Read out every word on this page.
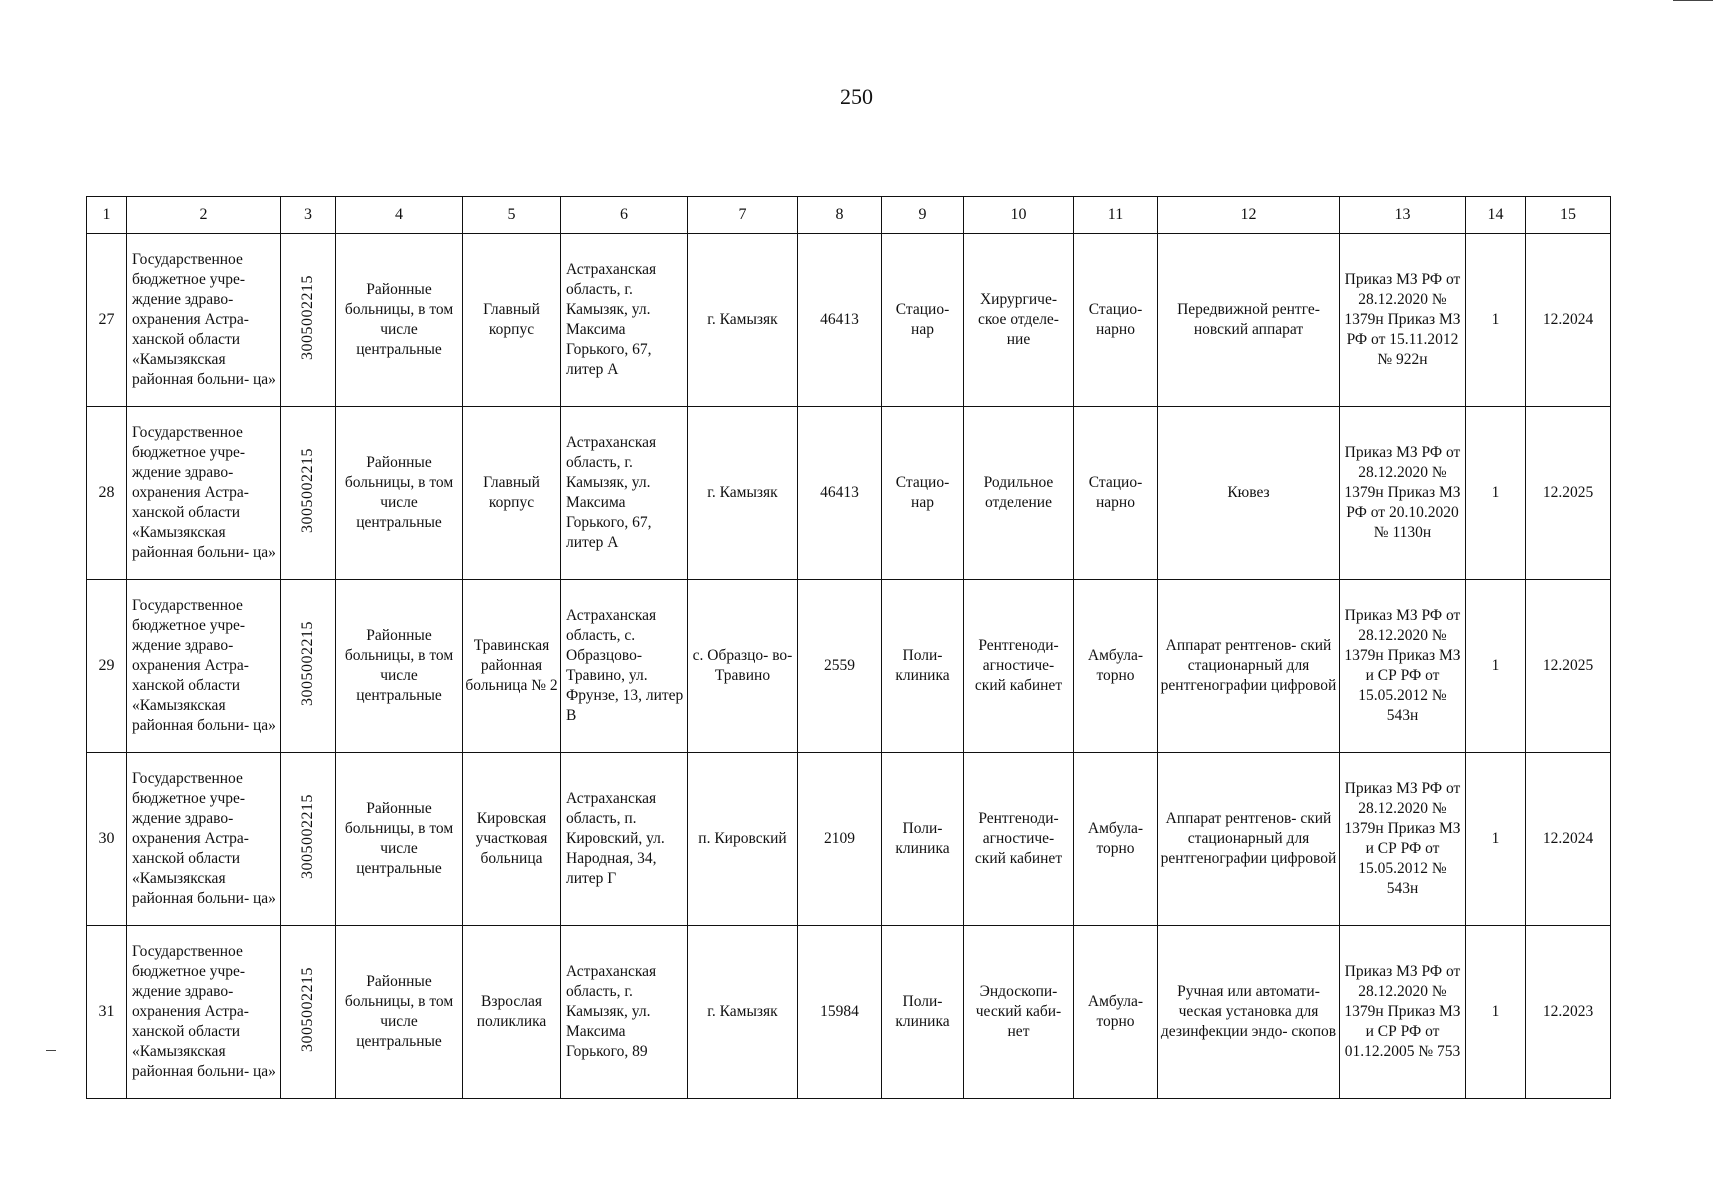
250
1	2	3	4	5	6	7	8	9	10	11	12	13	14	15
27	Государственное бюджетное учре- ждение здраво- охранения Астра- ханской области «Камызякская районная больни- ца»	3005002215	Районные больницы, в том числе центральные	Главный корпус	Астраханская область, г. Камызяк, ул. Максима Горького, 67, литер А	г. Камызяк	46413	Стацио- нар	Хирургиче- ское отделе- ние	Стацио- нарно	Передвижной рентге- новский аппарат	Приказ МЗ РФ от 28.12.2020 № 1379н Приказ МЗ РФ от 15.11.2012 № 922н	1	12.2024
28	Государственное бюджетное учре- ждение здраво- охранения Астра- ханской области «Камызякская районная больни- ца»	3005002215	Районные больницы, в том числе центральные	Главный корпус	Астраханская область, г. Камызяк, ул. Максима Горького, 67, литер А	г. Камызяк	46413	Стацио- нар	Родильное отделение	Стацио- нарно	Кювез	Приказ МЗ РФ от 28.12.2020 № 1379н Приказ МЗ РФ от 20.10.2020 № 1130н	1	12.2025
29	Государственное бюджетное учре- ждение здраво- охранения Астра- ханской области «Камызякская районная больни- ца»	3005002215	Районные больницы, в том числе центральные	Травинская районная больница № 2	Астраханская область, с. Образцово- Травино, ул. Фрунзе, 13, литер В	с. Образцо- во-Травино	2559	Поли- клиника	Рентгеноди- агностиче- ский кабинет	Амбула- торно	Аппарат рентгенов- ский стационарный для рентгенографии цифровой	Приказ МЗ РФ от 28.12.2020 № 1379н Приказ МЗ и СР РФ от 15.05.2012 № 543н	1	12.2025
30	Государственное бюджетное учре- ждение здраво- охранения Астра- ханской области «Камызякская районная больни- ца»	3005002215	Районные больницы, в том числе центральные	Кировская участковая больница	Астраханская область, п. Кировский, ул. Народная, 34, литер Г	п. Кировский	2109	Поли- клиника	Рентгеноди- агностиче- ский кабинет	Амбула- торно	Аппарат рентгенов- ский стационарный для рентгенографии цифровой	Приказ МЗ РФ от 28.12.2020 № 1379н Приказ МЗ и СР РФ от 15.05.2012 № 543н	1	12.2024
31	Государственное бюджетное учре- ждение здраво- охранения Астра- ханской области «Камызякская районная больни- ца»	3005002215	Районные больницы, в том числе центральные	Взрослая поликлика	Астраханская область, г. Камызяк, ул. Максима Горького, 89	г. Камызяк	15984	Поли- клиника	Эндоскопи- ческий каби- нет	Амбула- торно	Ручная или автомати- ческая установка для дезинфекции эндо- скопов	Приказ МЗ РФ от 28.12.2020 № 1379н Приказ МЗ и СР РФ от 01.12.2005 № 753	1	12.2023
